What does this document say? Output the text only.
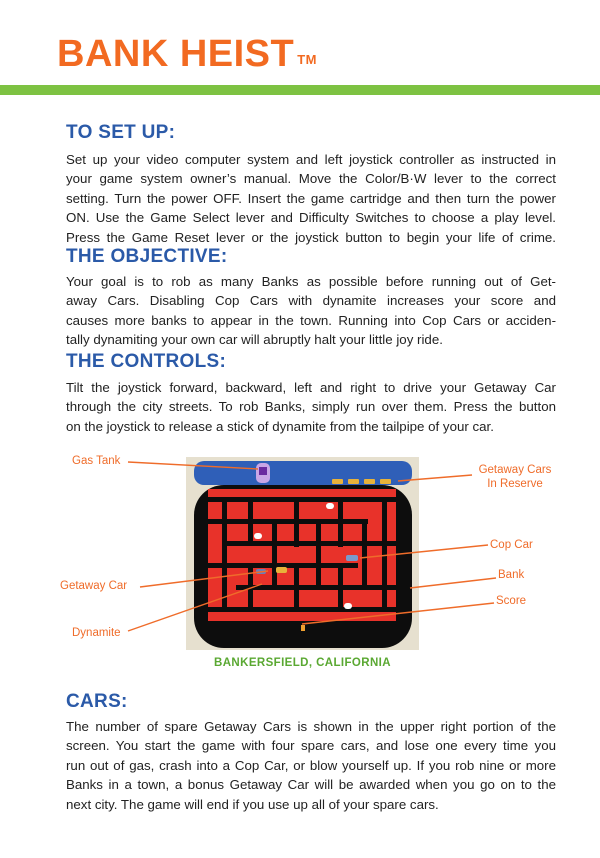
BANK HEIST ™
TO SET UP:
Set up your video computer system and left joystick controller as instructed in
your game system owner’s manual. Move the Color/B·W lever to the correct
setting. Turn the power OFF. Insert the game cartridge and then turn the power
ON. Use the Game Select lever and Difficulty Switches to choose a play level.
Press the Game Reset lever or the joystick button to begin your life of crime.
THE OBJECTIVE:
Your goal is to rob as many Banks as possible before running out of Get-
away Cars. Disabling Cop Cars with dynamite increases your score and
causes more banks to appear in the town. Running into Cop Cars or acciden-
tally dynamiting your own car will abruptly halt your little joy ride.
THE CONTROLS:
Tilt the joystick forward, backward, left and right to drive your Getaway Car
through the city streets. To rob Banks, simply run over them. Press the button
on the joystick to release a stick of dynamite from the tailpipe of your car.
Gas Tank
Getaway Cars
In Reserve
Cop Car
Bank
Score
Getaway Car
Dynamite
BANKERSFIELD, CALIFORNIA
CARS:
The number of spare Getaway Cars is shown in the upper right portion of the
screen. You start the game with four spare cars, and lose one every time you
run out of gas, crash into a Cop Car, or blow yourself up. If you rob nine or more
Banks in a town, a bonus Getaway Car will be awarded when you go on to the
next city. The game will end if you use up all of your spare cars.
